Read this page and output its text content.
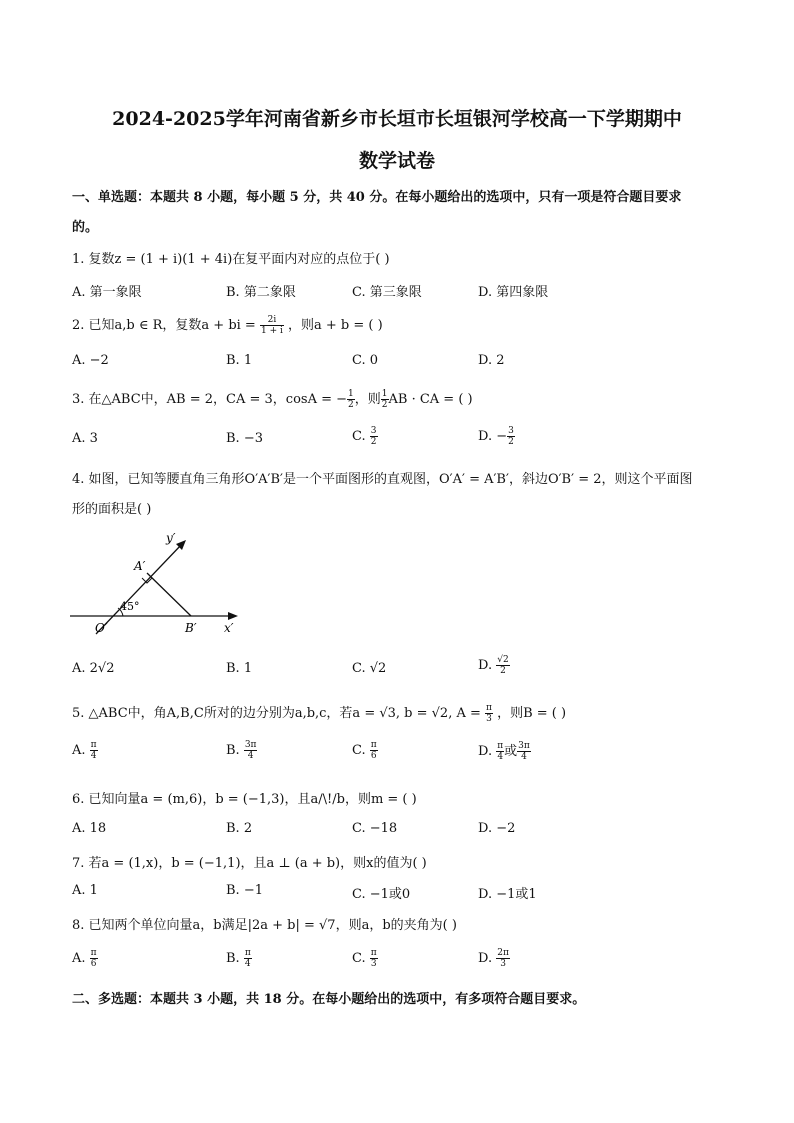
2024-2025学年河南省新乡市长垣市长垣银河学校高一下学期期中
数学试卷
一、单选题：本题共 8 小题，每小题 5 分，共 40 分。在每小题给出的选项中，只有一项是符合题目要求
的。
1. 复数z = (1 + i)(1 + 4i)在复平面内对应的点位于( )
A. 第一象限	B. 第二象限	C. 第三象限	D. 第四象限
2. 已知a,b ∈ R，复数a + bi = $\frac{2i}{1 + i}$ ，则a + b = ( )
A. −2	B. 1	C. 0	D. 2
3. 在△ABC中，AB = 2，CA = 3，cosA = − $\frac{1}{2}$ ，则 $\frac{1}{2}$ AB · CA = ( )
A. 3	B. −3	C. $\frac{3}{2}$	D. − $\frac{3}{2}$
4. 如图，已知等腰直角三角形O′A′B′是一个平面图形的直观图，O′A′ = A′B′，斜边O′B′ = 2，则这个平面图
形的面积是( )
y′
A′
45°
O′	B′ x′
A. 2√2	B. 1	C. √2	D. $\frac{√2}{2}$
5. △ABC中，角A,B,C所对的边分别为a,b,c，若a = √3, b = √2, $A = \frac{\pi}{3}$ ，则B = ( )
A. $\frac{\pi}{4}$	B. $\frac{3\pi}{4}$	C. $\frac{\pi}{6}$	D. $\frac{\pi}{4}$ 或 $\frac{3\pi}{4}$
6. 已知向量a = (m,6)，b = (−1,3)，且a/\!/b，则m = ( )
A. 18	B. 2	C. −18	D. −2
7. 若a = (1,x)，b = (−1,1)，且a ⊥ (a + b)，则x的值为( )
A. 1	B. −1	C. −1或0	D. −1或1
8. 已知两个单位向量a，b满足|2a + b| = √7，则a，b的夹角为( )
A. $\frac{\pi}{6}$	B. $\frac{\pi}{4}$	C. $\frac{\pi}{3}$	D. $\frac{2\pi}{3}$
二、多选题：本题共 3 小题，共 18 分。在每小题给出的选项中，有多项符合题目要求。
